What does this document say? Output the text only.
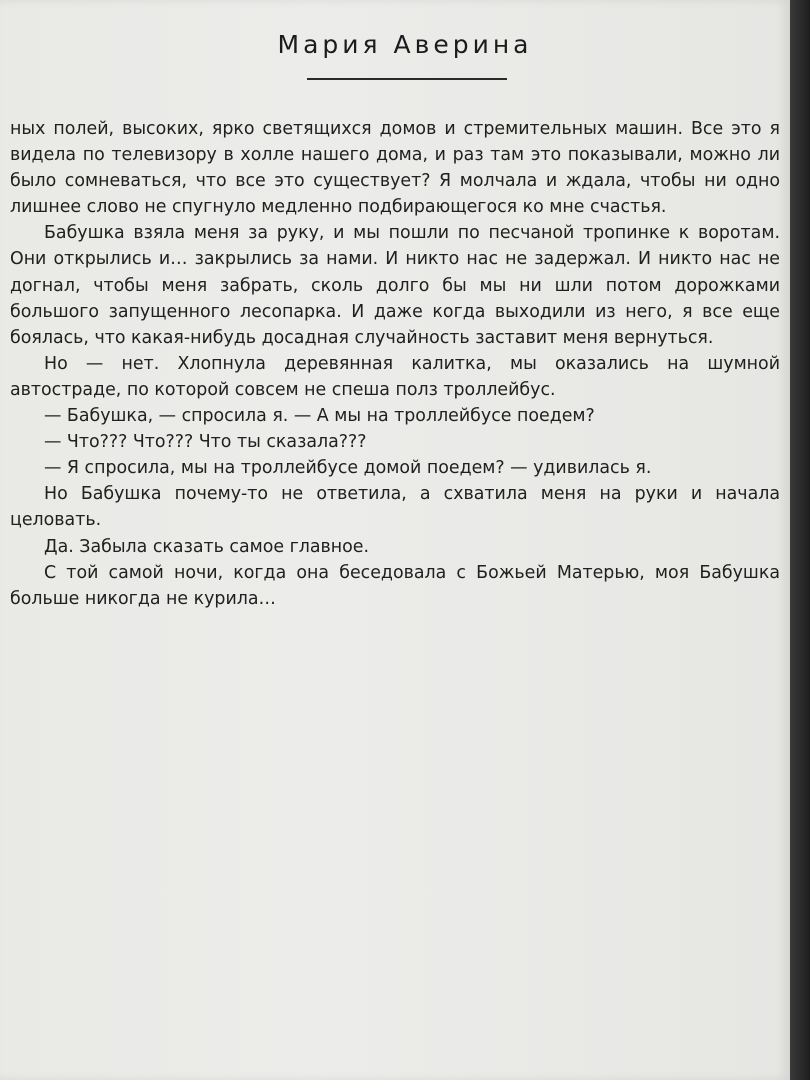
Мария Аверина

ных полей, высоких, ярко светящихся домов и стремительных машин. Все это я видела по телевизору в холле нашего дома, и раз там это показывали, можно ли было сомневаться, что все это существует? Я молчала и ждала, чтобы ни одно лишнее слово не спугнуло медленно подбирающегося ко мне счастья.

Бабушка взяла меня за руку, и мы пошли по песчаной тропинке к воротам. Они открылись и… закрылись за нами. И никто нас не задержал. И никто нас не догнал, чтобы меня забрать, сколь долго бы мы ни шли потом дорожками большого запущенного лесопарка. И даже когда выходили из него, я все еще боялась, что какая-нибудь досадная случайность заставит меня вернуться.

Но — нет. Хлопнула деревянная калитка, мы оказались на шумной автостраде, по которой совсем не спеша полз троллейбус.

— Бабушка, — спросила я. — А мы на троллейбусе поедем?

— Что??? Что??? Что ты сказала???

— Я спросила, мы на троллейбусе домой поедем? — удивилась я.

Но Бабушка почему-то не ответила, а схватила меня на руки и начала целовать.

Да. Забыла сказать самое главное.

С той самой ночи, когда она беседовала с Божьей Матерью, моя Бабушка больше никогда не курила…
